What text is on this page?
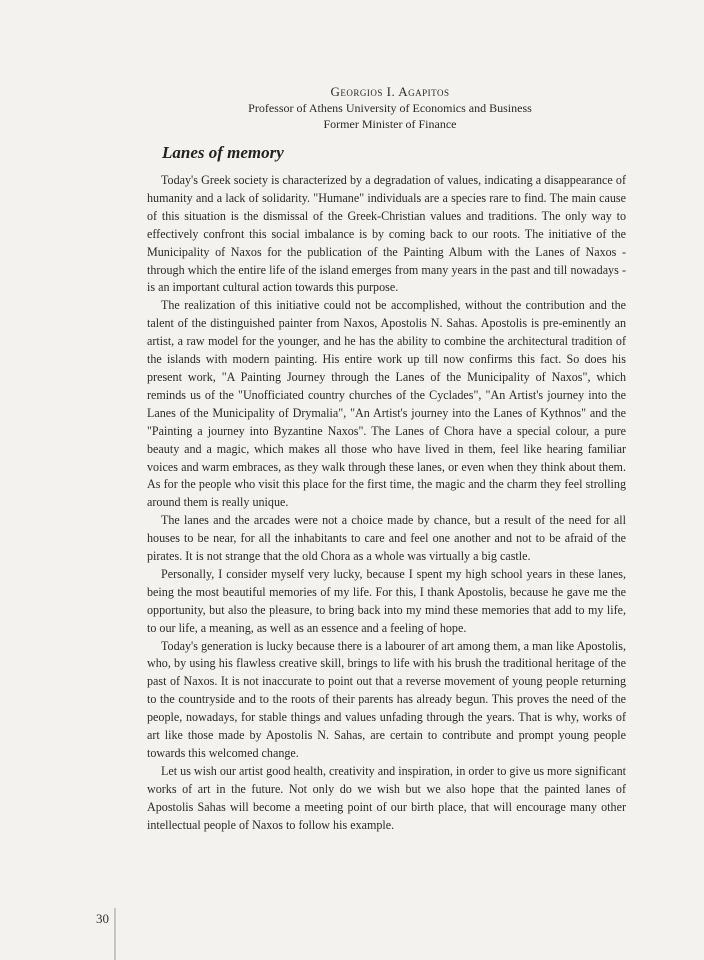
Georgios I. Agapitos
Professor of Athens University of Economics and Business
Former Minister of Finance
Lanes of memory

Today's Greek society is characterized by a degradation of values, indicating a disappearance of humanity and a lack of solidarity. "Humane" individuals are a species rare to find. The main cause of this situation is the dismissal of the Greek-Christian values and traditions. The only way to effectively confront this social imbalance is by coming back to our roots. The initiative of the Municipality of Naxos for the publication of the Painting Album with the Lanes of Naxos - through which the entire life of the island emerges from many years in the past and till nowadays - is an important cultural action towards this purpose.

The realization of this initiative could not be accomplished, without the contribution and the talent of the distinguished painter from Naxos, Apostolis N. Sahas. Apostolis is pre-eminently an artist, a raw model for the younger, and he has the ability to combine the architectural tradition of the islands with modern painting. His entire work up till now confirms this fact. So does his present work, "A Painting Journey through the Lanes of the Municipality of Naxos", which reminds us of the "Unofficiated country churches of the Cyclades", "An Artist's journey into the Lanes of the Municipality of Drymalia", "An Artist's journey into the Lanes of Kythnos" and the "Painting a journey into Byzantine Naxos". The Lanes of Chora have a special colour, a pure beauty and a magic, which makes all those who have lived in them, feel like hearing familiar voices and warm embraces, as they walk through these lanes, or even when they think about them. As for the people who visit this place for the first time, the magic and the charm they feel strolling around them is really unique.

The lanes and the arcades were not a choice made by chance, but a result of the need for all houses to be near, for all the inhabitants to care and feel one another and not to be afraid of the pirates. It is not strange that the old Chora as a whole was virtually a big castle.

Personally, I consider myself very lucky, because I spent my high school years in these lanes, being the most beautiful memories of my life. For this, I thank Apostolis, because he gave me the opportunity, but also the pleasure, to bring back into my mind these memories that add to my life, to our life, a meaning, as well as an essence and a feeling of hope.

Today's generation is lucky because there is a labourer of art among them, a man like Apostolis, who, by using his flawless creative skill, brings to life with his brush the traditional heritage of the past of Naxos. It is not inaccurate to point out that a reverse movement of young people returning to the countryside and to the roots of their parents has already begun. This proves the need of the people, nowadays, for stable things and values unfading through the years. That is why, works of art like those made by Apostolis N. Sahas, are certain to contribute and prompt young people towards this welcomed change.

Let us wish our artist good health, creativity and inspiration, in order to give us more significant works of art in the future. Not only do we wish but we also hope that the painted lanes of Apostolis Sahas will become a meeting point of our birth place, that will encourage many other intellectual people of Naxos to follow his example.

30
